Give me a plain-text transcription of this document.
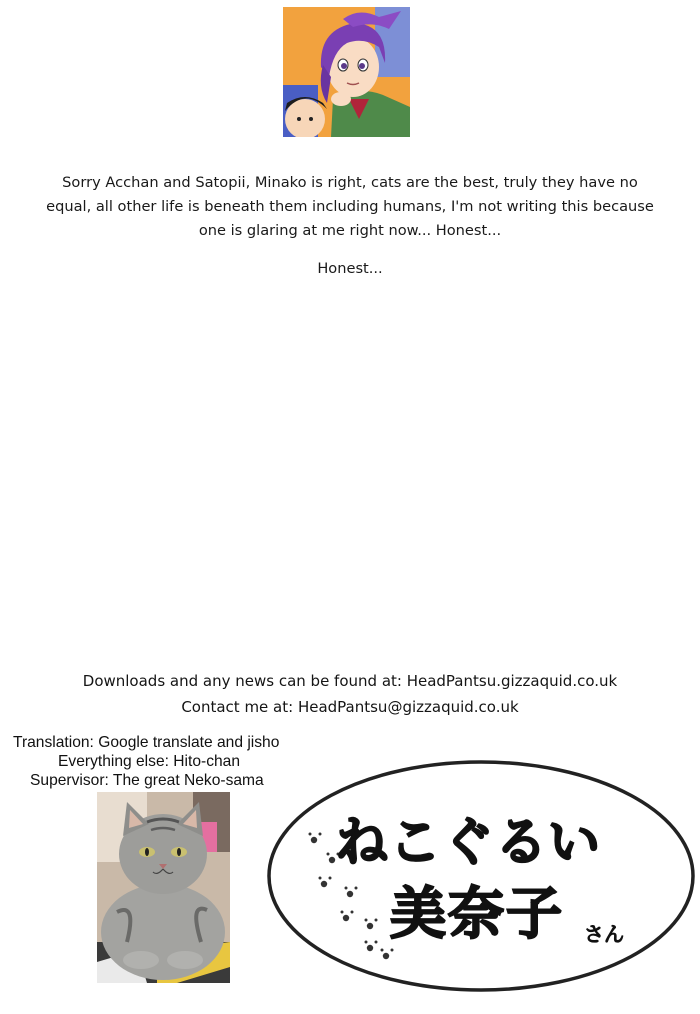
Sorry Acchan and Satopii, Minako is right, cats are the best, truly they have no equal, all other life is beneath them including humans, I'm not writing this because one is glaring at me right now... Honest...
Honest...
Downloads and any news can be found at: HeadPantsu.gizzaquid.co.uk
Contact me at: HeadPantsu@gizzaquid.co.uk
Translation: Google translate and jisho
Everything else: Hito-chan
Supervisor: The great Neko-sama
ねこぐるい
美奈子 さん
